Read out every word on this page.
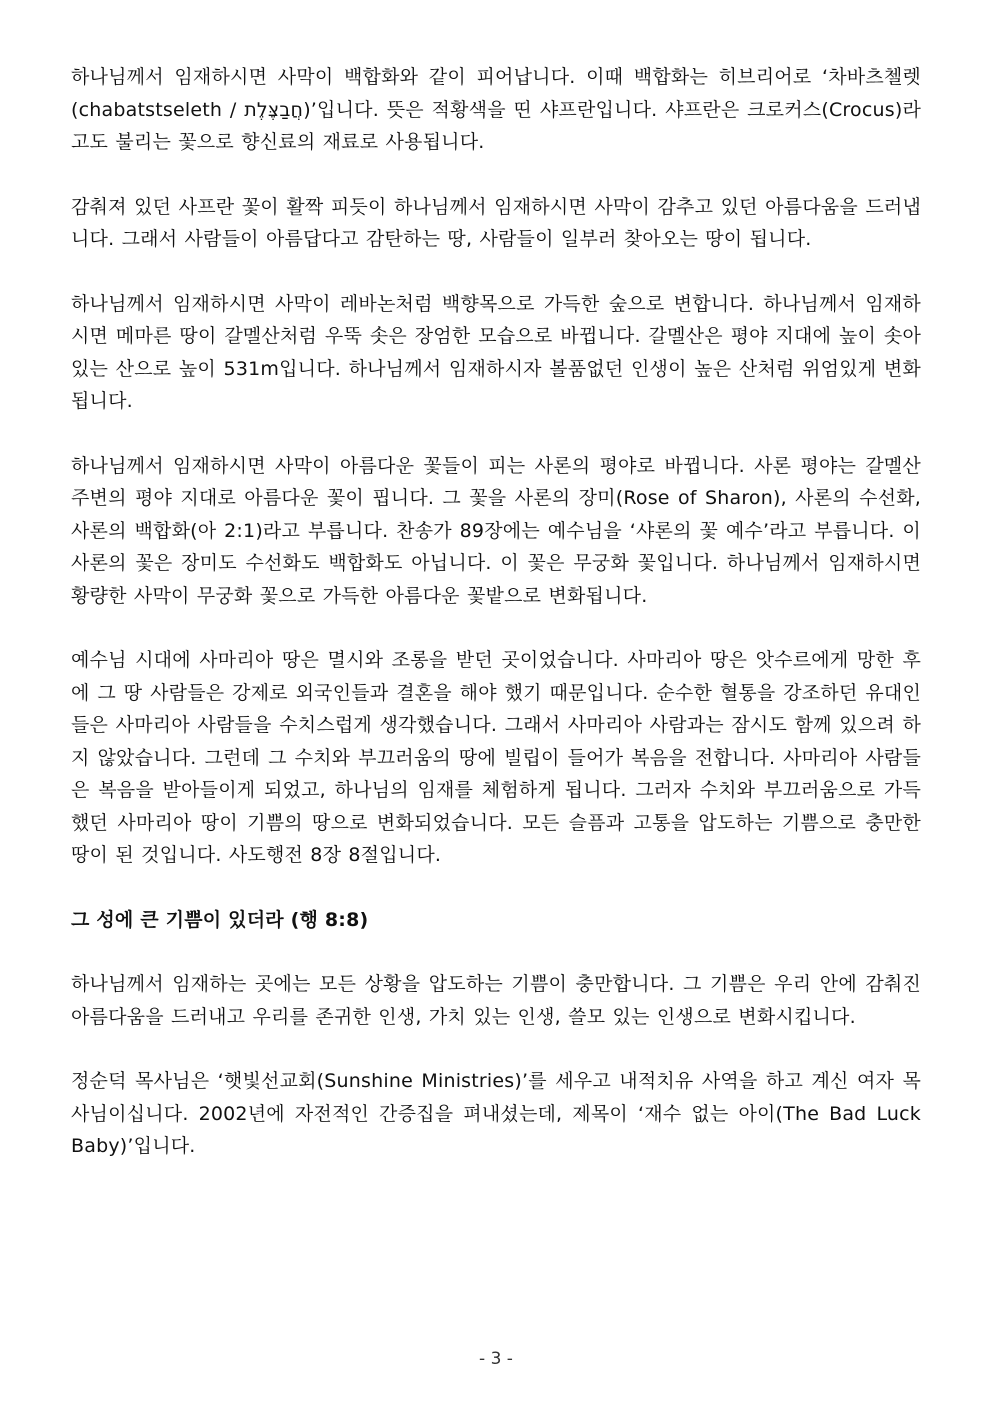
하나님께서 임재하시면 사막이 백합화와 같이 피어납니다. 이때 백합화는 히브리어로 ‘차바츠첼렛(chabatstseleth / חֲבַצֶּלֶת)’입니다. 뜻은 적황색을 띤 샤프란입니다. 샤프란은 크로커스(Crocus)라고도 불리는 꽃으로 향신료의 재료로 사용됩니다.

감춰져 있던 사프란 꽃이 활짝 피듯이 하나님께서 임재하시면 사막이 감추고 있던 아름다움을 드러냅니다. 그래서 사람들이 아름답다고 감탄하는 땅, 사람들이 일부러 찾아오는 땅이 됩니다.

하나님께서 임재하시면 사막이 레바논처럼 백향목으로 가득한 숲으로 변합니다. 하나님께서 임재하시면 메마른 땅이 갈멜산처럼 우뚝 솟은 장엄한 모습으로 바뀝니다. 갈멜산은 평야 지대에 높이 솟아있는 산으로 높이 531m입니다. 하나님께서 임재하시자 볼품없던 인생이 높은 산처럼 위엄있게 변화됩니다.

하나님께서 임재하시면 사막이 아름다운 꽃들이 피는 사론의 평야로 바뀝니다. 사론 평야는 갈멜산 주변의 평야 지대로 아름다운 꽃이 핍니다. 그 꽃을 사론의 장미(Rose of Sharon), 사론의 수선화, 사론의 백합화(아 2:1)라고 부릅니다. 찬송가 89장에는 예수님을 ‘샤론의 꽃 예수’라고 부릅니다. 이 사론의 꽃은 장미도 수선화도 백합화도 아닙니다. 이 꽃은 무궁화 꽃입니다. 하나님께서 임재하시면 황량한 사막이 무궁화 꽃으로 가득한 아름다운 꽃밭으로 변화됩니다.

예수님 시대에 사마리아 땅은 멸시와 조롱을 받던 곳이었습니다. 사마리아 땅은 앗수르에게 망한 후에 그 땅 사람들은 강제로 외국인들과 결혼을 해야 했기 때문입니다. 순수한 혈통을 강조하던 유대인들은 사마리아 사람들을 수치스럽게 생각했습니다. 그래서 사마리아 사람과는 잠시도 함께 있으려 하지 않았습니다. 그런데 그 수치와 부끄러움의 땅에 빌립이 들어가 복음을 전합니다. 사마리아 사람들은 복음을 받아들이게 되었고, 하나님의 임재를 체험하게 됩니다. 그러자 수치와 부끄러움으로 가득했던 사마리아 땅이 기쁨의 땅으로 변화되었습니다. 모든 슬픔과 고통을 압도하는 기쁨으로 충만한 땅이 된 것입니다. 사도행전 8장 8절입니다.

그 성에 큰 기쁨이 있더라 (행 8:8)

하나님께서 임재하는 곳에는 모든 상황을 압도하는 기쁨이 충만합니다. 그 기쁨은 우리 안에 감춰진 아름다움을 드러내고 우리를 존귀한 인생, 가치 있는 인생, 쓸모 있는 인생으로 변화시킵니다.

정순덕 목사님은 ‘햇빛선교회(Sunshine Ministries)’를 세우고 내적치유 사역을 하고 계신 여자 목사님이십니다. 2002년에 자전적인 간증집을 펴내셨는데, 제목이 ‘재수 없는 아이(The Bad Luck Baby)’입니다.

- 3 -
